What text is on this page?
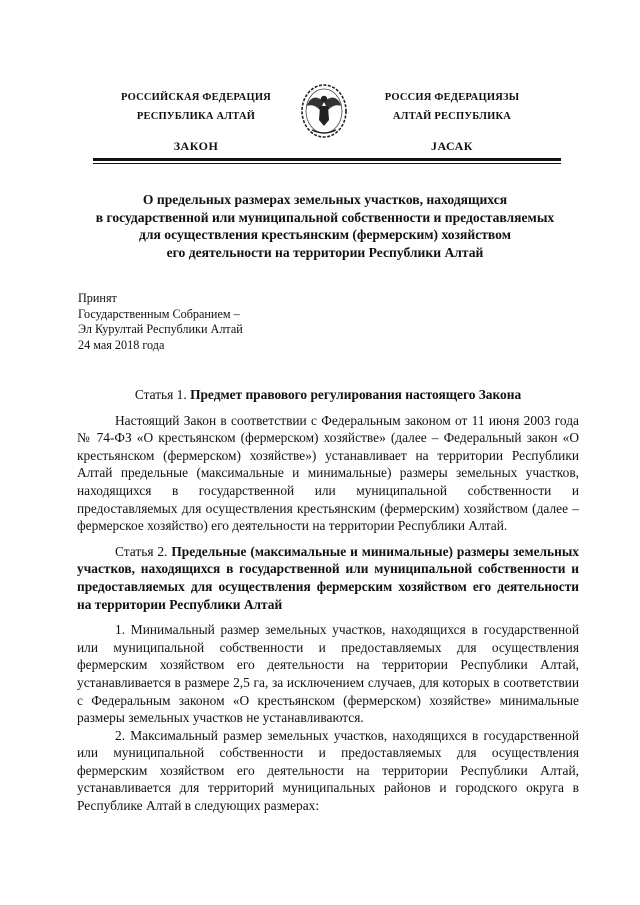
РОССИЙСКАЯ ФЕДЕРАЦИЯ
РЕСПУБЛИКА АЛТАЙ
ЗАКОН
РОССИЯ ФЕДЕРАЦИЯЗЫ
АЛТАЙ РЕСПУБЛИКА
JАСАК
О предельных размерах земельных участков, находящихся
в государственной или муниципальной собственности и предоставляемых
для осуществления крестьянским (фермерским) хозяйством
его деятельности на территории Республики Алтай
Принят
Государственным Собранием –
Эл Курултай Республики Алтай
24 мая 2018 года

Статья 1. Предмет правового регулирования настоящего Закона

Настоящий Закон в соответствии с Федеральным законом от 11 июня 2003 года № 74-ФЗ «О крестьянском (фермерском) хозяйстве» (далее – Федеральный закон «О крестьянском (фермерском) хозяйстве») устанавливает на территории Республики Алтай предельные (максимальные и минимальные) размеры земельных участков, находящихся в государственной или муниципальной собственности и предоставляемых для осуществления крестьянским (фермерским) хозяйством (далее – фермерское хозяйство) его деятельности на территории Республики Алтай.

Статья 2. Предельные (максимальные и минимальные) размеры земельных участков, находящихся в государственной или муниципальной собственности и предоставляемых для осуществления фермерским хозяйством его деятельности на территории Республики Алтай

1. Минимальный размер земельных участков, находящихся в государственной или муниципальной собственности и предоставляемых для осуществления фермерским хозяйством его деятельности на территории Республики Алтай, устанавливается в размере 2,5 га, за исключением случаев, для которых в соответствии с Федеральным законом «О крестьянском (фермерском) хозяйстве» минимальные размеры земельных участков не устанавливаются.

2. Максимальный размер земельных участков, находящихся в государственной или муниципальной собственности и предоставляемых для осуществления фермерским хозяйством его деятельности на территории Республики Алтай, устанавливается для территорий муниципальных районов и городского округа в Республике Алтай в следующих размерах:
